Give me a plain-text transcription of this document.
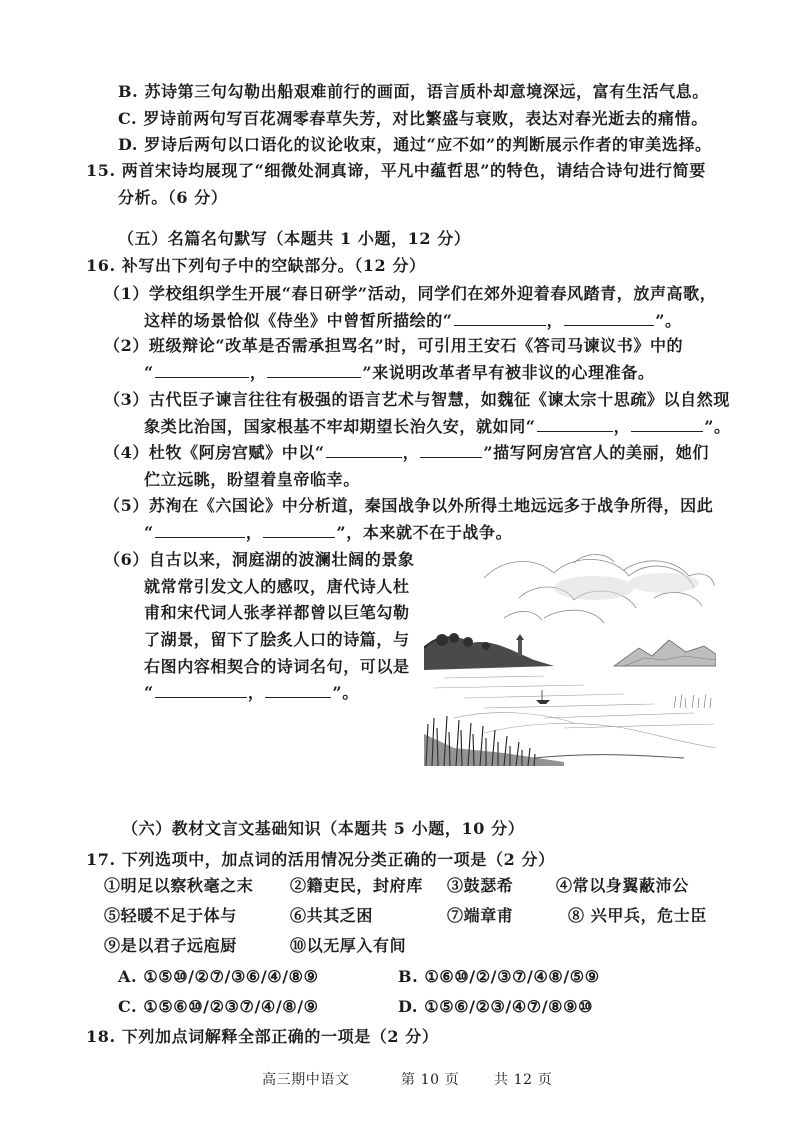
B. 苏诗第三句勾勒出船艰难前行的画面，语言质朴却意境深远，富有生活气息。
C. 罗诗前两句写百花凋零春草失芳，对比繁盛与衰败，表达对春光逝去的痛惜。
D. 罗诗后两句以口语化的议论收束，通过“应不如”的判断展示作者的审美选择。
15. 两首宋诗均展现了“细微处洞真谛，平凡中蕴哲思”的特色，请结合诗句进行简要
分析。（6 分）
（五）名篇名句默写（本题共 1 小题，12 分）
16. 补写出下列句子中的空缺部分。（12 分）
（1）学校组织学生开展“春日研学”活动，同学们在郊外迎着春风踏青，放声高歌，
这样的场景恰似《侍坐》中曾皙所描绘的“	，	”。
（2）班级辩论“改革是否需承担骂名”时，可引用王安石《答司马谏议书》中的
“	，	”来说明改革者早有被非议的心理准备。
（3）古代臣子谏言往往有极强的语言艺术与智慧，如魏征《谏太宗十思疏》以自然现
象类比治国，国家根基不牢却期望长治久安，就如同“	，	”。
（4）杜牧《阿房宫赋》中以“	，	”描写阿房宫宫人的美丽，她们
伫立远眺，盼望着皇帝临幸。
（5）苏洵在《六国论》中分析道，秦国战争以外所得土地远远多于战争所得，因此
“	，	”，本来就不在于战争。
（6）自古以来，洞庭湖的波澜壮阔的景象
就常常引发文人的感叹，唐代诗人杜
甫和宋代词人张孝祥都曾以巨笔勾勒
了湖景，留下了脍炙人口的诗篇，与
右图内容相契合的诗词名句，可以是
“	，	”。
（六）教材文言文基础知识（本题共 5 小题，10 分）
17. 下列选项中，加点词的活用情况分类正确的一项是（2 分）
①明足以察秋毫之末 ②籍吏民，封府库 ③鼓瑟希	④常以身翼蔽沛公
⑤轻暖不足于体与	⑥共其乏困	⑦端章甫	⑧ 兴甲兵，危士臣
⑨是以君子远庖厨	⑩以无厚入有间
A. ①⑤⑩/②⑦/③⑥/④/⑧⑨	B. ①⑥⑩/②/③⑦/④⑧/⑤⑨
C. ①⑤⑥⑩/②③⑦/④/⑧/⑨	D. ①⑤⑥/②③/④⑦/⑧⑨⑩
18. 下列加点词解释全部正确的一项是（2 分）
高三期中语文	第 10 页 共 12 页
